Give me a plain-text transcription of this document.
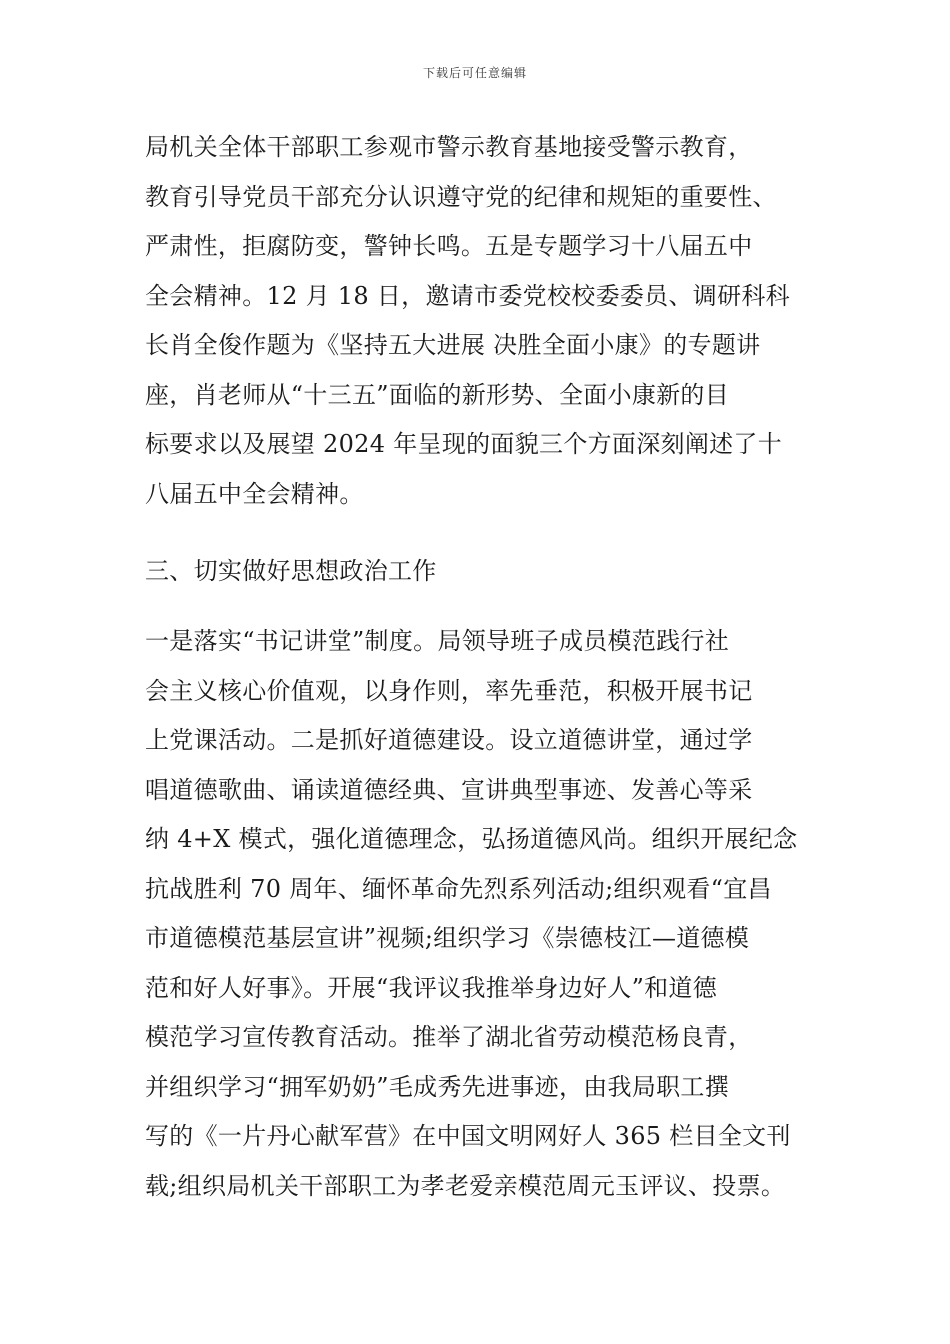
下载后可任意编辑
局机关全体干部职工参观市警示教育基地接受警示教育，
教育引导党员干部充分认识遵守党的纪律和规矩的重要性、
严肃性，拒腐防变，警钟长鸣。五是专题学习十八届五中
全会精神。12 月 18 日，邀请市委党校校委委员、调研科科
长肖全俊作题为《坚持五大进展 决胜全面小康》的专题讲
座，肖老师从“十三五”面临的新形势、全面小康新的目
标要求以及展望 2024 年呈现的面貌三个方面深刻阐述了十
八届五中全会精神。
三、切实做好思想政治工作
一是落实“书记讲堂”制度。局领导班子成员模范践行社
会主义核心价值观，以身作则，率先垂范，积极开展书记
上党课活动。二是抓好道德建设。设立道德讲堂，通过学
唱道德歌曲、诵读道德经典、宣讲典型事迹、发善心等采
纳 4+X 模式，强化道德理念，弘扬道德风尚。组织开展纪念
抗战胜利 70 周年、缅怀革命先烈系列活动;组织观看“宜昌
市道德模范基层宣讲”视频;组织学习《崇德枝江—道德模
范和好人好事》。开展“我评议我推举身边好人”和道德
模范学习宣传教育活动。推举了湖北省劳动模范杨良青，
并组织学习“拥军奶奶”毛成秀先进事迹，由我局职工撰
写的《一片丹心献军营》在中国文明网好人 365 栏目全文刊
载;组织局机关干部职工为孝老爱亲模范周元玉评议、投票。
